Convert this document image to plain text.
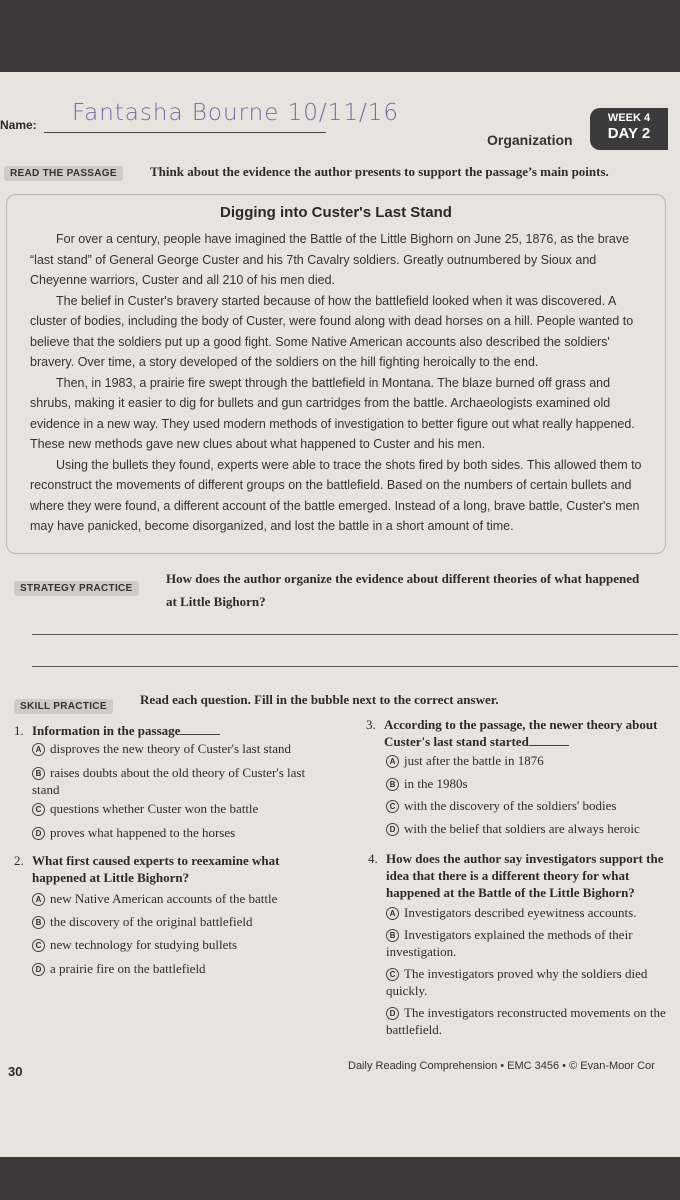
Name: Fantasha Bourne 10/11/16
Organization
WEEK 4
DAY 2
READ THE PASSAGE	Think about the evidence the author presents to support the passage’s main points.
Digging into Custer's Last Stand

For over a century, people have imagined the Battle of the Little Bighorn on June 25, 1876, as the brave “last stand” of General George Custer and his 7th Cavalry soldiers. Greatly outnumbered by Sioux and Cheyenne warriors, Custer and all 210 of his men died.

The belief in Custer's bravery started because of how the battlefield looked when it was discovered. A cluster of bodies, including the body of Custer, were found along with dead horses on a hill. People wanted to believe that the soldiers put up a good fight. Some Native American accounts also described the soldiers' bravery. Over time, a story developed of the soldiers on the hill fighting heroically to the end.

Then, in 1983, a prairie fire swept through the battlefield in Montana. The blaze burned off grass and shrubs, making it easier to dig for bullets and gun cartridges from the battle. Archaeologists examined old evidence in a new way. They used modern methods of investigation to better figure out what really happened. These new methods gave new clues about what happened to Custer and his men.

Using the bullets they found, experts were able to trace the shots fired by both sides. This allowed them to reconstruct the movements of different groups on the battlefield. Based on the numbers of certain bullets and where they were found, a different account of the battle emerged. Instead of a long, brave battle, Custer's men may have panicked, become disorganized, and lost the battle in a short amount of time.

STRATEGY PRACTICE
How does the author organize the evidence about different theories of what happened
at Little Bighorn?
SKILL PRACTICE	Read each question. Fill in the bubble next to the correct answer.
1. Information in the passage
A disproves the new theory of Custer's last stand
B raises doubts about the old theory of Custer's last stand
C questions whether Custer won the battle
D proves what happened to the horses
2. What first caused experts to reexamine what happened at Little Bighorn?
A new Native American accounts of the battle
B the discovery of the original battlefield
C new technology for studying bullets
D a prairie fire on the battlefield
3. According to the passage, the newer theory about Custer's last stand started
A just after the battle in 1876
B in the 1980s
C with the discovery of the soldiers' bodies
D with the belief that soldiers are always heroic
4. How does the author say investigators support the idea that there is a different theory for what happened at the Battle of the Little Bighorn?
A Investigators described eyewitness accounts.
B Investigators explained the methods of their investigation.
C The investigators proved why the soldiers died quickly.
D The investigators reconstructed movements on the battlefield.
30	Daily Reading Comprehension • EMC 3456 • © Evan-Moor Cor
